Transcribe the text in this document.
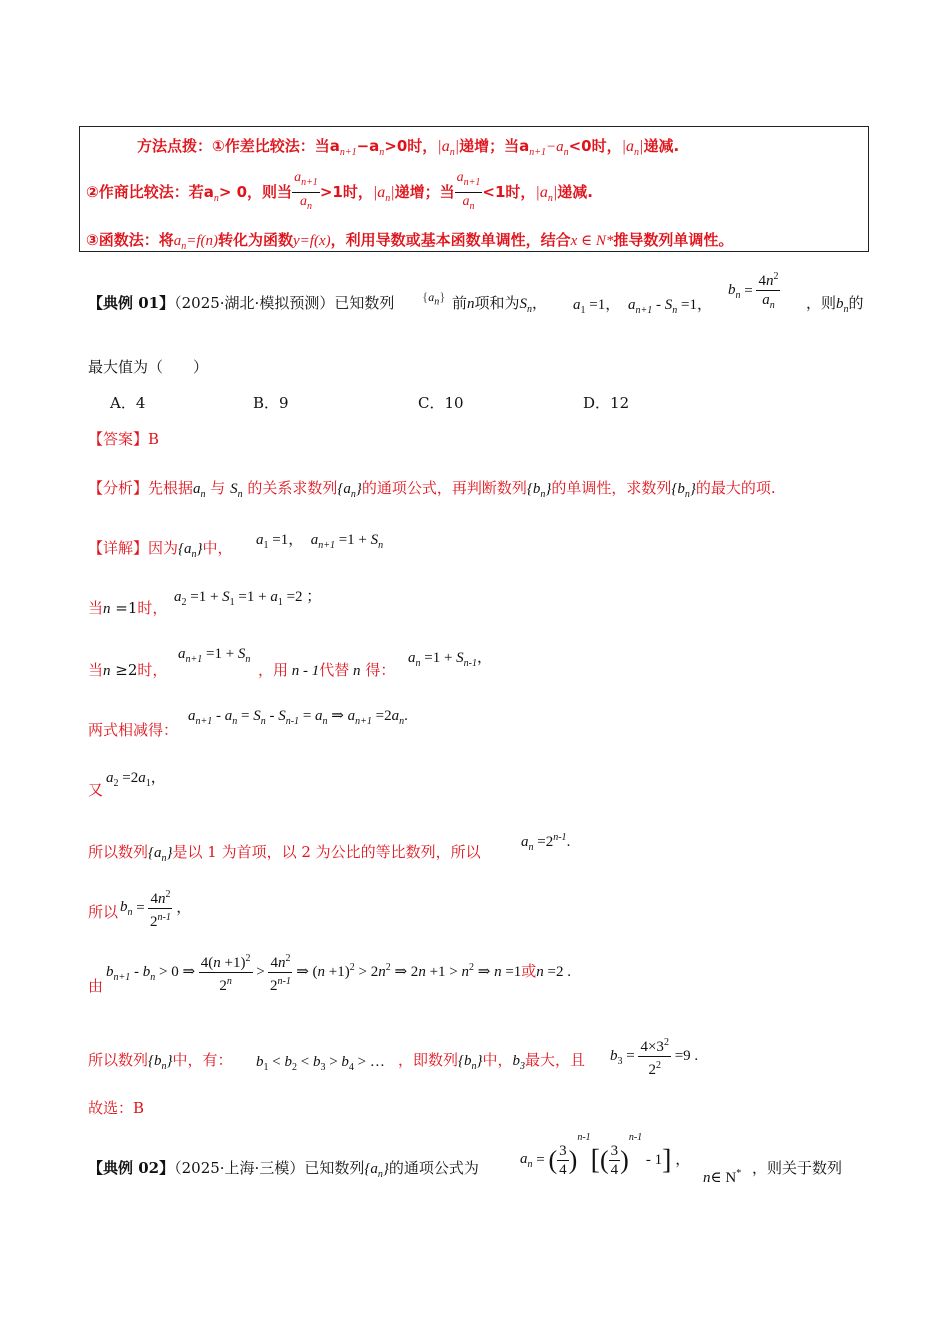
方法点拨：①作差比较法：当$a_{n+1}-a_n>0$时，$|a_n|$递增；当$a_{n+1}-a_n<0$时，$|a_n|$递减.
②作商比较法：若$a_n> 0$，则当 $\frac{a_{n+1}}{a_n} >1$时，$|a_n|$递增；当 $\frac{a_{n+1}}{a_n} <1$时，$|a_n|$递减.
③函数法：将$a_n=f(n)$转化为函数y=f(x)，利用导数或基本函数单调性，结合x ∈ N*推导数列单调性。
【典例 01】（2025·湖北·模拟预测）已知数列 $\{a_n\}$ 前n项和为$S_n$， $a_1 =1$， $a_{n+1} - S_n =1$，
$b_n = \frac{4n^2}{a_n}$ ，则$b_n$的
最大值为（　　）
A．4	B．9	C．10	D．12
【答案】B
【分析】先根据$a_n$ 与 $S_n$ 的关系求数列$\{a_n\}$的通项公式，再判断数列$\{b_n\}$的单调性，求数列$\{b_n\}$的最大的项.
【详解】因为$\{a_n\}$中， $a_1 =1$，　$a_{n+1} =1 + S_n$
当n =1时，
$a_2 =1 + S_1 =1 + a_1 =2$ ；
当n ≥2时，
$a_{n+1} =1 + S_n$
，用 n - 1代替 n 得：
$a_n =1 + S_{n-1}$，
两式相减得：
$a_{n+1} - a_n = S_n - S_{n-1} = a_n$ ⇒ $a_{n+1} =2a_n$.
又
$a_2 =2a_1$，
所以数列$\{a_n\}$是以 1 为首项，以 2 为公比的等比数列，所以
$a_n =2^{n-1}$.
所以 $b_n = \frac{4n^2}{2^{n-1}}$ ，
由
$b_{n+1} - b_n > 0$ ⇒ $\frac{4(n +1)^2}{2^n} > \frac{4n^2}{2^{n-1}}$ ⇒ $(n +1)^2 > 2n^2$ ⇒ $2n +1 > n^2$ ⇒ n =1或n =2 .
所以数列$\{b_n\}$中，有： $b_1 < b_2 < b_3 > b_4$ > … ，即数列$\{b_n\}$中，$b_3$最大，且 $b_3 = \frac{4\times 3^2}{2^2} =9$ .
故选：B
【典例 02】（2025·上海·三模）已知数列$\{a_n\}$的通项公式为	$a_n$ = ( $\frac{3}{4} )^{n-1}[( \frac{3}{4} )^{n-1} - 1]$ ，
n∈ N* ，则关于数列
